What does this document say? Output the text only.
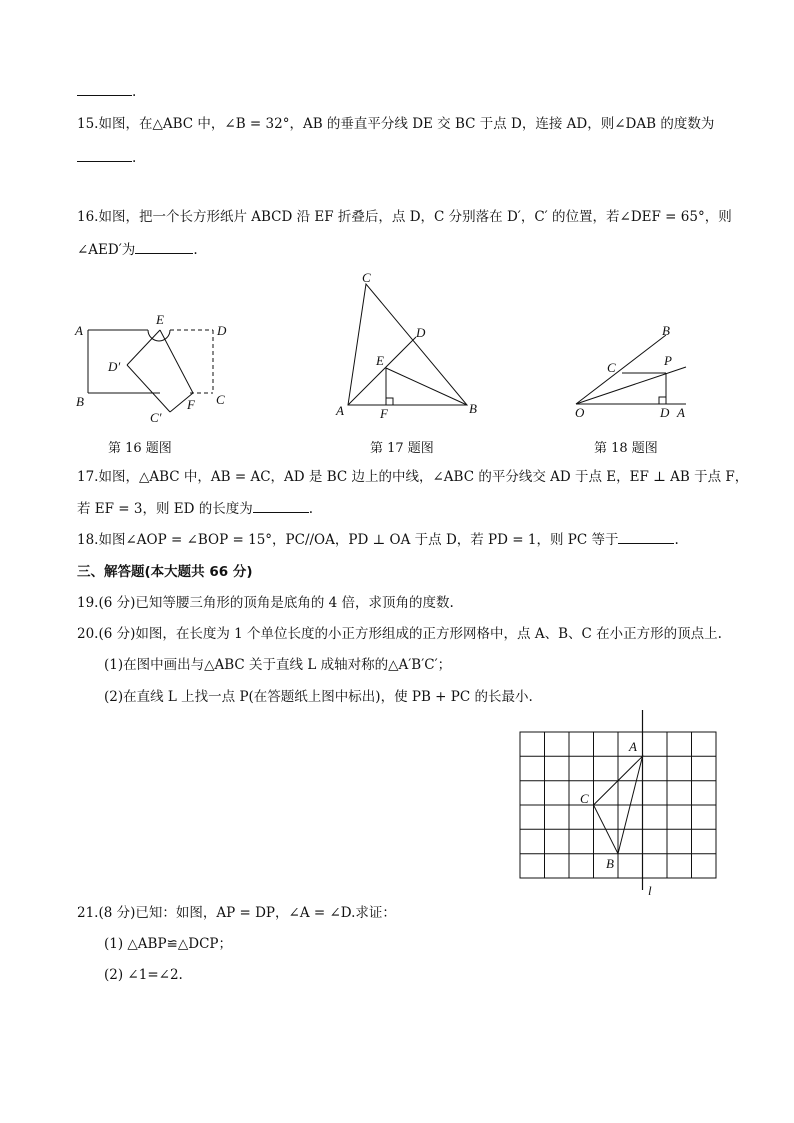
.
15.如图，在△ABC 中，∠B = 32°，AB 的垂直平分线 DE 交 BC 于点 D，连接 AD，则∠DAB 的度数为
.
16.如图，把一个长方形纸片 ABCD 沿 EF 折叠后，点 D，C 分别落在 D′，C′ 的位置，若∠DEF = 65°，则
∠AED′为	.
A
E
D
D′
B	C
C′
F
C
D
E
A	F	B
B
C	P
O	D A
第 16 题图	第 17 题图	第 18 题图
17.如图，△ABC 中，AB = AC，AD 是 BC 边上的中线，∠ABC 的平分线交 AD 于点 E，EF ⊥ AB 于点 F，
若 EF = 3，则 ED 的长度为	.
18.如图∠AOP = ∠BOP = 15°，PC//OA，PD ⊥ OA 于点 D，若 PD = 1，则 PC 等于	.
三、解答题(本大题共 66 分)
19.(6 分)已知等腰三角形的顶角是底角的 4 倍，求顶角的度数.
20.(6 分)如图，在长度为 1 个单位长度的小正方形组成的正方形网格中，点 A、B、C 在小正方形的顶点上.
(1)在图中画出与△ABC 关于直线 L 成轴对称的△A′B′C′；
(2)在直线 L 上找一点 P(在答题纸上图中标出)，使 PB + PC 的长最小.
A
C
B
l
21.(8 分)已知：如图，AP = DP，∠A = ∠D.求证：
(1) △ABP≌△DCP；
(2) ∠1=∠2.
